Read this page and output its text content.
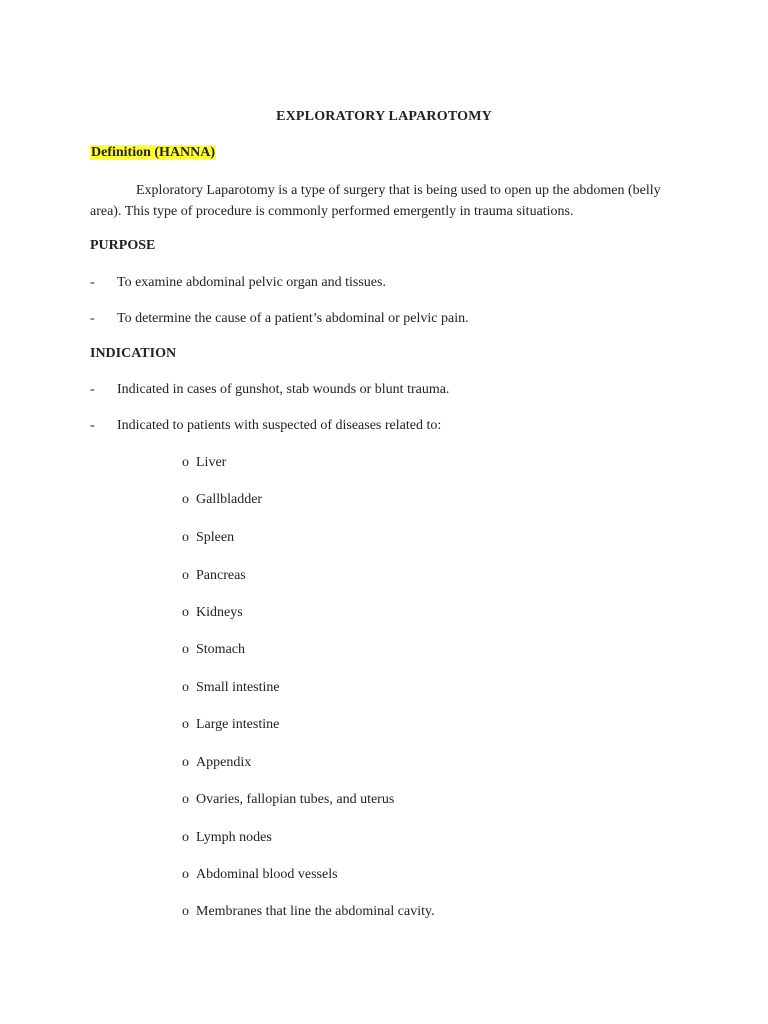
EXPLORATORY LAPAROTOMY
Definition (HANNA)
Exploratory Laparotomy is a type of surgery that is being used to open up the abdomen (belly area). This type of procedure is commonly performed emergently in trauma situations.
PURPOSE
- To examine abdominal pelvic organ and tissues.
- To determine the cause of a patient’s abdominal or pelvic pain.
INDICATION
- Indicated in cases of gunshot, stab wounds or blunt trauma.
- Indicated to patients with suspected of diseases related to:
o Liver
o Gallbladder
o Spleen
o Pancreas
o Kidneys
o Stomach
o Small intestine
o Large intestine
o Appendix
o Ovaries, fallopian tubes, and uterus
o Lymph nodes
o Abdominal blood vessels
o Membranes that line the abdominal cavity.
